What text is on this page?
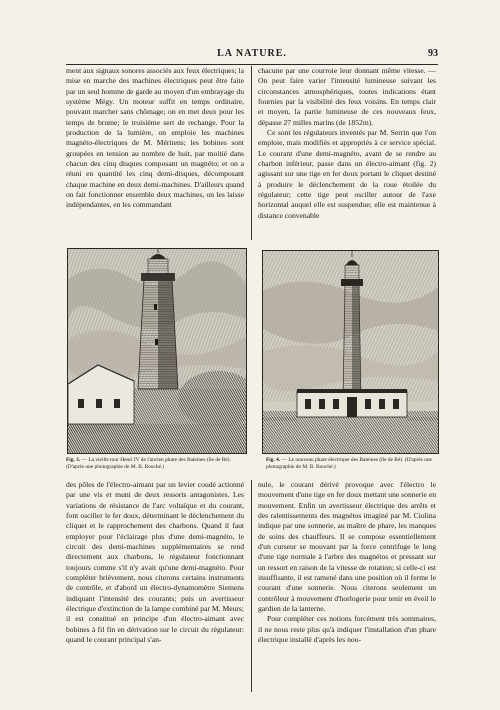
LA NATURE.	93

ment aux signaux sonores associés aux feux électriques; la mise en marche des machines électriques peut être faite par un seul homme de garde au moyen d'un embrayage du système Mégy. Un moteur suffit en temps ordinaire, pouvant marcher sans chômage; on en met deux pour les temps de brume; le troisième sert de rechange. Pour la production de la lumière, on emploie les machines magnéto-électriques de M. Méritens; les bobines sont groupées en tension au nombre de huit, par moitié dans chacun des cinq disques composant un magnéto; et on a réuni en quantité les cinq demi-disques, décomposant chaque machine en deux demi-machines. D'ailleurs quand on fait fonctionner ensemble deux machines, on les laisse indépendantes, en les commandant

chacune par une courroie leur donnant même vitesse. — On peut faire varier l'intensité lumineuse suivant les circonstances atmosphériques, toutes indications étant fournies par la visibilité des feux voisins. En temps clair et moyen, la partie lumineuse de ces nouveaux feux, dépasse 27 milles marins (de 1852m).

Ce sont les régulateurs inventés par M. Serrin que l'on emploie, mais modifiés et appropriés à ce service spécial. Le courant d'une demi-magnéto, avant de se rendre au charbon inférieur, passe dans un électro-aimant (fig. 2) agissant sur une tige en fer doux portant le cliquet destiné à produire le déclenchement de la roue étoilée du régulateur; cette tige peut osciller autour de l'axe horizontal auquel elle est suspendue; elle est maintenue à distance convenable

Fig. 3. — La vieille tour Henri IV de l'ancien phare des Baleines (île de Ré). (D'après une photographie de M. B. Bouché.)
Fig. 4. — Le nouveau phare électrique des Baleines (île de Ré). (D'après une photographie de M. B. Bouché.)

des pôles de l'électro-aimant par un levier coudé actionné par une vis et muni de deux ressorts antagonistes. Les variations de résistance de l'arc voltaïque et du courant, font osciller le fer doux, déterminant le déclenchement du cliquet et le rapprochement des charbons. Quand il faut employer pour l'éclairage plus d'une demi-magnéto, le circuit des demi-machines supplémentaires se rend directement aux charbons, le régulateur fonctionnant toujours comme s'il n'y avait qu'une demi-magnéto. Pour compléter brièvement, nous citerons certains instruments de contrôle, et d'abord un électro-dynamomètre Siemens indiquant l'intensité des courants; puis un avertisseur électrique d'extinction de la lampe combiné par M. Meurs; il est constitué en principe d'un électro-aimant avec bobines à fil fin en dérivation sur le circuit du régulateur: quand le courant principal s'an-

nule, le courant dérivé provoque avec l'électro le mouvement d'une tige en fer doux mettant une sonnerie en mouvement. Enfin un avertisseur électrique des arrêts et des ralentissements des magnétos imaginé par M. Ciolina indique par une sonnerie, au maître de phare, les manques de soins des chauffeurs. Il se compose essentiellement d'un curseur se mouvant par la force centrifuge le long d'une tige normale à l'arbre des magnétos et pressant sur un ressort en raison de la vitesse de rotation; si celle-ci est insuffisante, il est ramené dans une position où il ferme le courant d'une sonnerie. Nous citerons seulement un contrôleur à mouvement d'horlogerie pour tenir en éveil le gardien de la lanterne.

Pour compléter ces notions forcément très sommaires, il ne nous reste plus qu'à indiquer l'installation d'un phare électrique installé d'après les nou-
